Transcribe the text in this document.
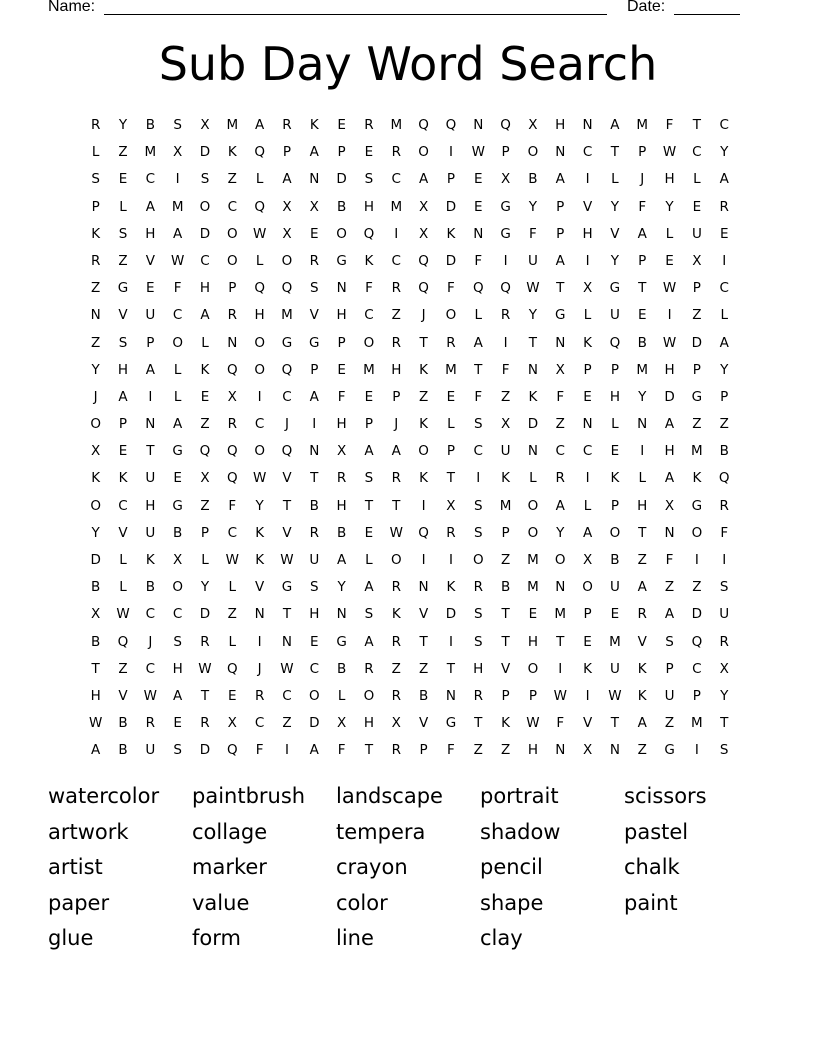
Name:

	Date:

Sub Day Word Search
R	Y	B	S	X	M	A	R	K	E	R	M	Q	Q	N	Q	X	H	N	A	M	F	T	C
L	Z	M	X	D	K	Q	P	A	P	E	R	O	I	W	P	O	N	C	T	P	W	C	Y
S	E	C	I	S	Z	L	A	N	D	S	C	A	P	E	X	B	A	I	L	J	H	L	A
P	L	A	M	O	C	Q	X	X	B	H	M	X	D	E	G	Y	P	V	Y	F	Y	E	R
K	S	H	A	D	O	W	X	E	O	Q	I	X	K	N	G	F	P	H	V	A	L	U	E
R	Z	V	W	C	O	L	O	R	G	K	C	Q	D	F	I	U	A	I	Y	P	E	X	I
Z	G	E	F	H	P	Q	Q	S	N	F	R	Q	F	Q	Q	W	T	X	G	T	W	P	C
N	V	U	C	A	R	H	M	V	H	C	Z	J	O	L	R	Y	G	L	U	E	I	Z	L
Z	S	P	O	L	N	O	G	G	P	O	R	T	R	A	I	T	N	K	Q	B	W	D	A
Y	H	A	L	K	Q	O	Q	P	E	M	H	K	M	T	F	N	X	P	P	M	H	P	Y
J	A	I	L	E	X	I	C	A	F	E	P	Z	E	F	Z	K	F	E	H	Y	D	G	P
O	P	N	A	Z	R	C	J	I	H	P	J	K	L	S	X	D	Z	N	L	N	A	Z	Z
X	E	T	G	Q	Q	O	Q	N	X	A	A	O	P	C	U	N	C	C	E	I	H	M	B
K	K	U	E	X	Q	W	V	T	R	S	R	K	T	I	K	L	R	I	K	L	A	K	Q
O	C	H	G	Z	F	Y	T	B	H	T	T	I	X	S	M	O	A	L	P	H	X	G	R
Y	V	U	B	P	C	K	V	R	B	E	W	Q	R	S	P	O	Y	A	O	T	N	O	F
D	L	K	X	L	W	K	W	U	A	L	O	I	I	O	Z	M	O	X	B	Z	F	I	I
B	L	B	O	Y	L	V	G	S	Y	A	R	N	K	R	B	M	N	O	U	A	Z	Z	S
X	W	C	C	D	Z	N	T	H	N	S	K	V	D	S	T	E	M	P	E	R	A	D	U
B	Q	J	S	R	L	I	N	E	G	A	R	T	I	S	T	H	T	E	M	V	S	Q	R
T	Z	C	H	W	Q	J	W	C	B	R	Z	Z	T	H	V	O	I	K	U	K	P	C	X
H	V	W	A	T	E	R	C	O	L	O	R	B	N	R	P	P	W	I	W	K	U	P	Y
W	B	R	E	R	X	C	Z	D	X	H	X	V	G	T	K	W	F	V	T	A	Z	M	T
A	B	U	S	D	Q	F	I	A	F	T	R	P	F	Z	Z	H	N	X	N	Z	G	I	S
watercolor	paintbrush	landscape	portrait	scissors
artwork	collage	tempera	shadow	pastel
artist	marker	crayon	pencil	chalk
paper	value	color	shape	paint
glue	form	line	clay
